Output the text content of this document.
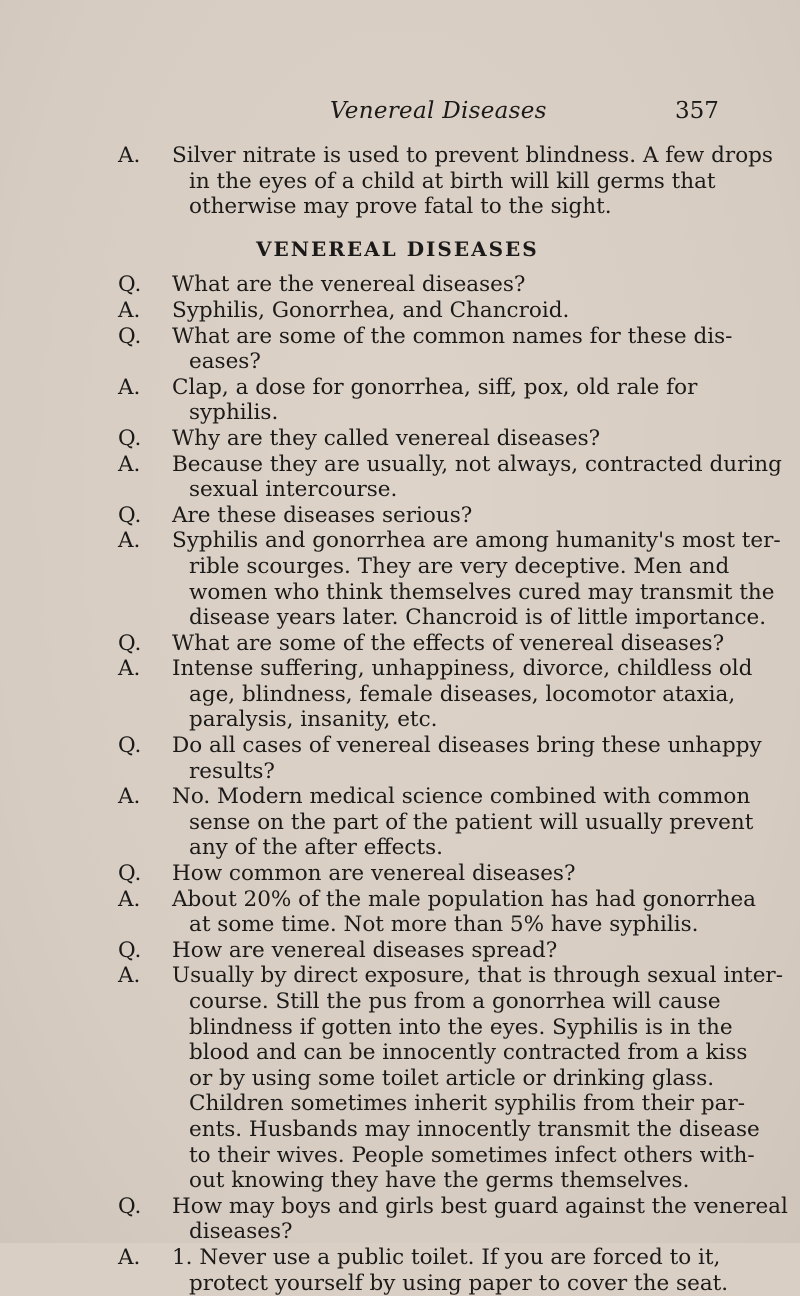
Venereal Diseases	357
A. Silver nitrate is used to prevent blindness. A few drops
in the eyes of a child at birth will kill germs that
otherwise may prove fatal to the sight.
VENEREAL DISEASES
Q. What are the venereal diseases?
A. Syphilis, Gonorrhea, and Chancroid.
Q. What are some of the common names for these dis-
eases?
A. Clap, a dose for gonorrhea, siff, pox, old rale for
syphilis.
Q. Why are they called venereal diseases?
A. Because they are usually, not always, contracted during
sexual intercourse.
Q. Are these diseases serious?
A. Syphilis and gonorrhea are among humanity's most ter-
rible scourges. They are very deceptive. Men and
women who think themselves cured may transmit the
disease years later. Chancroid is of little importance.
Q. What are some of the effects of venereal diseases?
A. Intense suffering, unhappiness, divorce, childless old
age, blindness, female diseases, locomotor ataxia,
paralysis, insanity, etc.
Q. Do all cases of venereal diseases bring these unhappy
results?
A. No. Modern medical science combined with common
sense on the part of the patient will usually prevent
any of the after effects.
Q. How common are venereal diseases?
A. About 20% of the male population has had gonorrhea
at some time. Not more than 5% have syphilis.
Q. How are venereal diseases spread?
A. Usually by direct exposure, that is through sexual inter-
course. Still the pus from a gonorrhea will cause
blindness if gotten into the eyes. Syphilis is in the
blood and can be innocently contracted from a kiss
or by using some toilet article or drinking glass.
Children sometimes inherit syphilis from their par-
ents. Husbands may innocently transmit the disease
to their wives. People sometimes infect others with-
out knowing they have the germs themselves.
Q. How may boys and girls best guard against the venereal
diseases?
A. 1. Never use a public toilet. If you are forced to it,
protect yourself by using paper to cover the seat.
